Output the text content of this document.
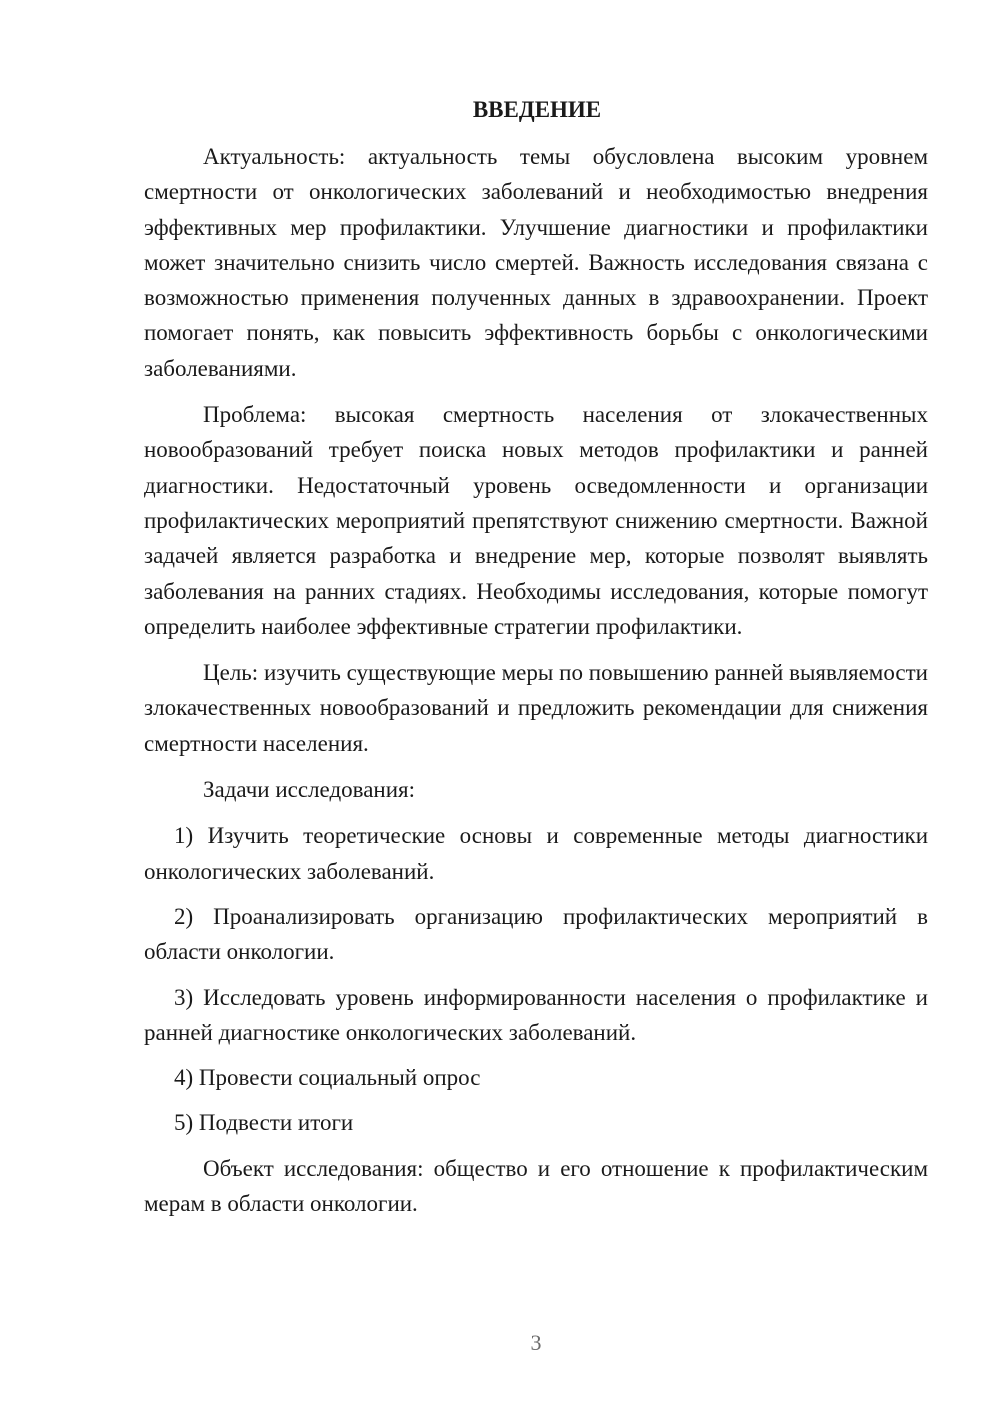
ВВЕДЕНИЕ

Актуальность: актуальность темы обусловлена высоким уровнем смертности от онкологических заболеваний и необходимостью внедрения эффективных мер профилактики. Улучшение диагностики и профилактики может значительно снизить число смертей. Важность исследования связана с возможностью применения полученных данных в здравоохранении. Проект помогает понять, как повысить эффективность борьбы с онкологическими заболеваниями.

Проблема: высокая смертность населения от злокачественных новообразований требует поиска новых методов профилактики и ранней диагностики. Недостаточный уровень осведомленности и организации профилактических мероприятий препятствуют снижению смертности. Важной задачей является разработка и внедрение мер, которые позволят выявлять заболевания на ранних стадиях. Необходимы исследования, которые помогут определить наиболее эффективные стратегии профилактики.

Цель: изучить существующие меры по повышению ранней выявляемости злокачественных новообразований и предложить рекомендации для снижения смертности населения.

Задачи исследования:

1) Изучить теоретические основы и современные методы диагностики онкологических заболеваний.

2) Проанализировать организацию профилактических мероприятий в области онкологии.

3) Исследовать уровень информированности населения о профилактике и ранней диагностике онкологических заболеваний.

4) Провести социальный опрос

5) Подвести итоги

Объект исследования: общество и его отношение к профилактическим мерам в области онкологии.

3
